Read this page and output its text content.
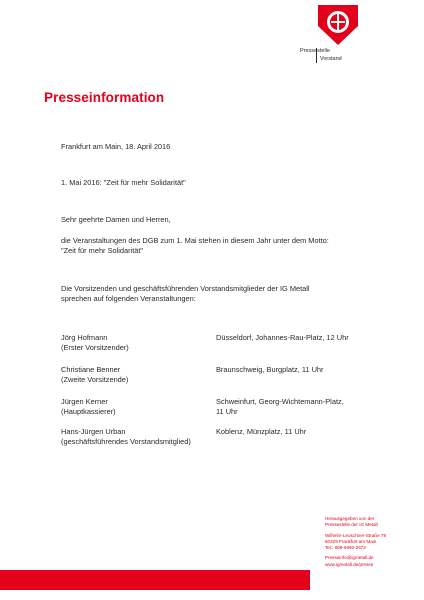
Pressestelle
Vorstand
Presseinformation
Frankfurt am Main, 18. April 2016
1. Mai 2016: "Zeit für mehr Solidarität"
Sehr geehrte Damen und Herren,
die Veranstaltungen des DGB zum 1. Mai stehen in diesem Jahr unter dem Motto:
"Zeit für mehr Solidarität"
Die Vorsitzenden und geschäftsführenden Vorstandsmitglieder der IG Metall
sprechen auf folgenden Veranstaltungen:
Jörg Hofmann
(Erster Vorsitzender)
Düsseldorf, Johannes-Rau-Platz, 12 Uhr
Christiane Benner
(Zweite Vorsitzende)
Braunschweig, Burgplatz, 11 Uhr
Jürgen Kerner
(Hauptkassierer)
Schweinfurt, Georg-Wichtemann-Platz,
11 Uhr
Hans-Jürgen Urban
(geschäftsführendes Vorstandsmitglied)
Koblenz, Münzplatz, 11 Uhr
Herausgegeben von der
Pressestelle der IG Metall
Wilhelm-Leuschner-Straße 79
60329 Frankfurt am Main
Tel.: 069-6693-2672
Presseinfo@igmetall.de
www.igmetall.de/presse
